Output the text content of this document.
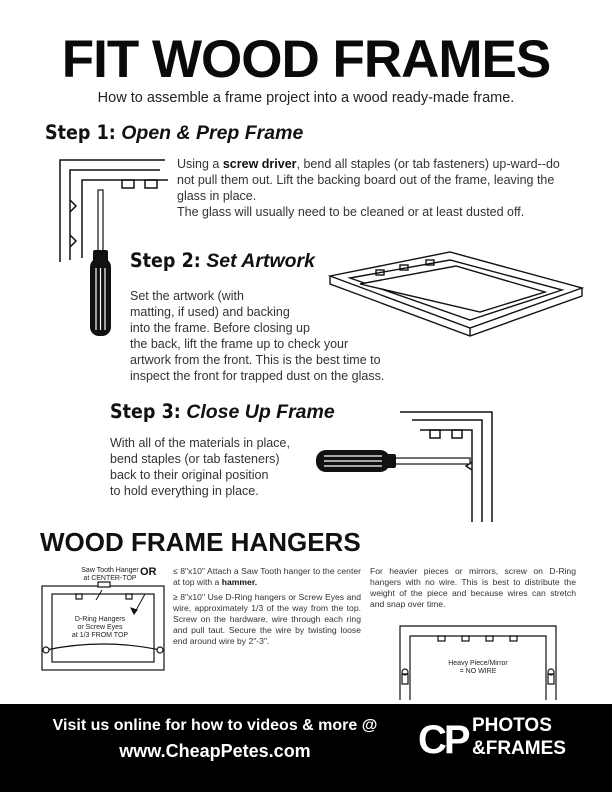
FIT WOOD FRAMES
How to assemble a frame project into a wood ready-made frame.
Step 1: Open & Prep Frame
Using a screw driver, bend all staples (or tab fasteners) up-ward--do not pull them out. Lift the backing board out of the frame, leaving the glass in place.
The glass will usually need to be cleaned or at least dusted off.
Step 2: Set Artwork
Set the artwork (with
matting, if used) and backing
into the frame. Before closing up
the back, lift the frame up to check your
artwork from the front. This is the best time to
inspect the front for trapped dust on the glass.
Step 3: Close Up Frame
With all of the materials in place,
bend staples (or tab fasteners)
back to their original position
to hold everything in place.
WOOD FRAME HANGERS
Saw Tooth Hanger
at CENTER-TOP
OR
D-Ring Hangers
or Screw Eyes
at 1/3 FROM TOP
≤ 8"x10" Attach a Saw Tooth hanger to the center at top with a hammer.
≥ 8"x10" Use D-Ring hangers or Screw Eyes and wire, approximately 1/3 of the way from the top. Screw on the hardware, wire through each ring and pull taut. Secure the wire by twisting loose end around wire by 2"-3".
For heavier pieces or mirrors, screw on D-Ring hangers with no wire. This is best to distribute the weight of the piece and because wires can stretch and snap over time.
Heavy Piece/Mirror
= NO WIRE
Visit us online for how to videos & more @
www.CheapPetes.com	CP PHOTOS
&FRAMES
